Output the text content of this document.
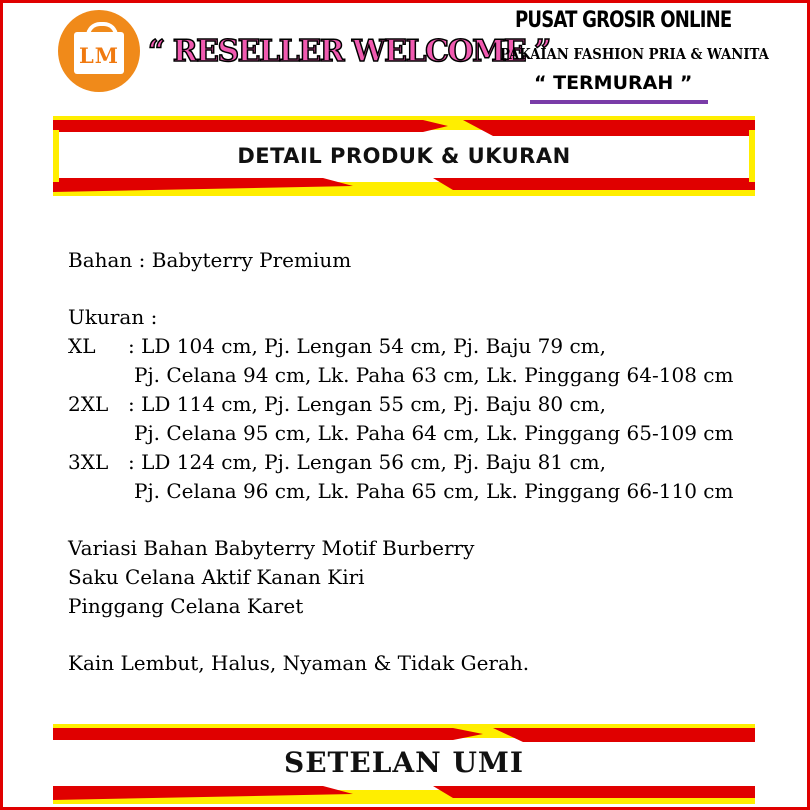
LM “ RESELLER WELCOME ”
PUSAT GROSIR ONLINE
PAKAIAN FASHION PRIA & WANITA
“ TERMURAH ”
DETAIL PRODUK & UKURAN
Bahan : Babyterry Premium
Ukuran :
XL : LD 104 cm, Pj. Lengan 54 cm, Pj. Baju 79 cm,
Pj. Celana 94 cm, Lk. Paha 63 cm, Lk. Pinggang 64-108 cm
2XL : LD 114 cm, Pj. Lengan 55 cm, Pj. Baju 80 cm,
Pj. Celana 95 cm, Lk. Paha 64 cm, Lk. Pinggang 65-109 cm
3XL : LD 124 cm, Pj. Lengan 56 cm, Pj. Baju 81 cm,
Pj. Celana 96 cm, Lk. Paha 65 cm, Lk. Pinggang 66-110 cm
Variasi Bahan Babyterry Motif Burberry
Saku Celana Aktif Kanan Kiri
Pinggang Celana Karet
Kain Lembut, Halus, Nyaman & Tidak Gerah.
SETELAN UMI
